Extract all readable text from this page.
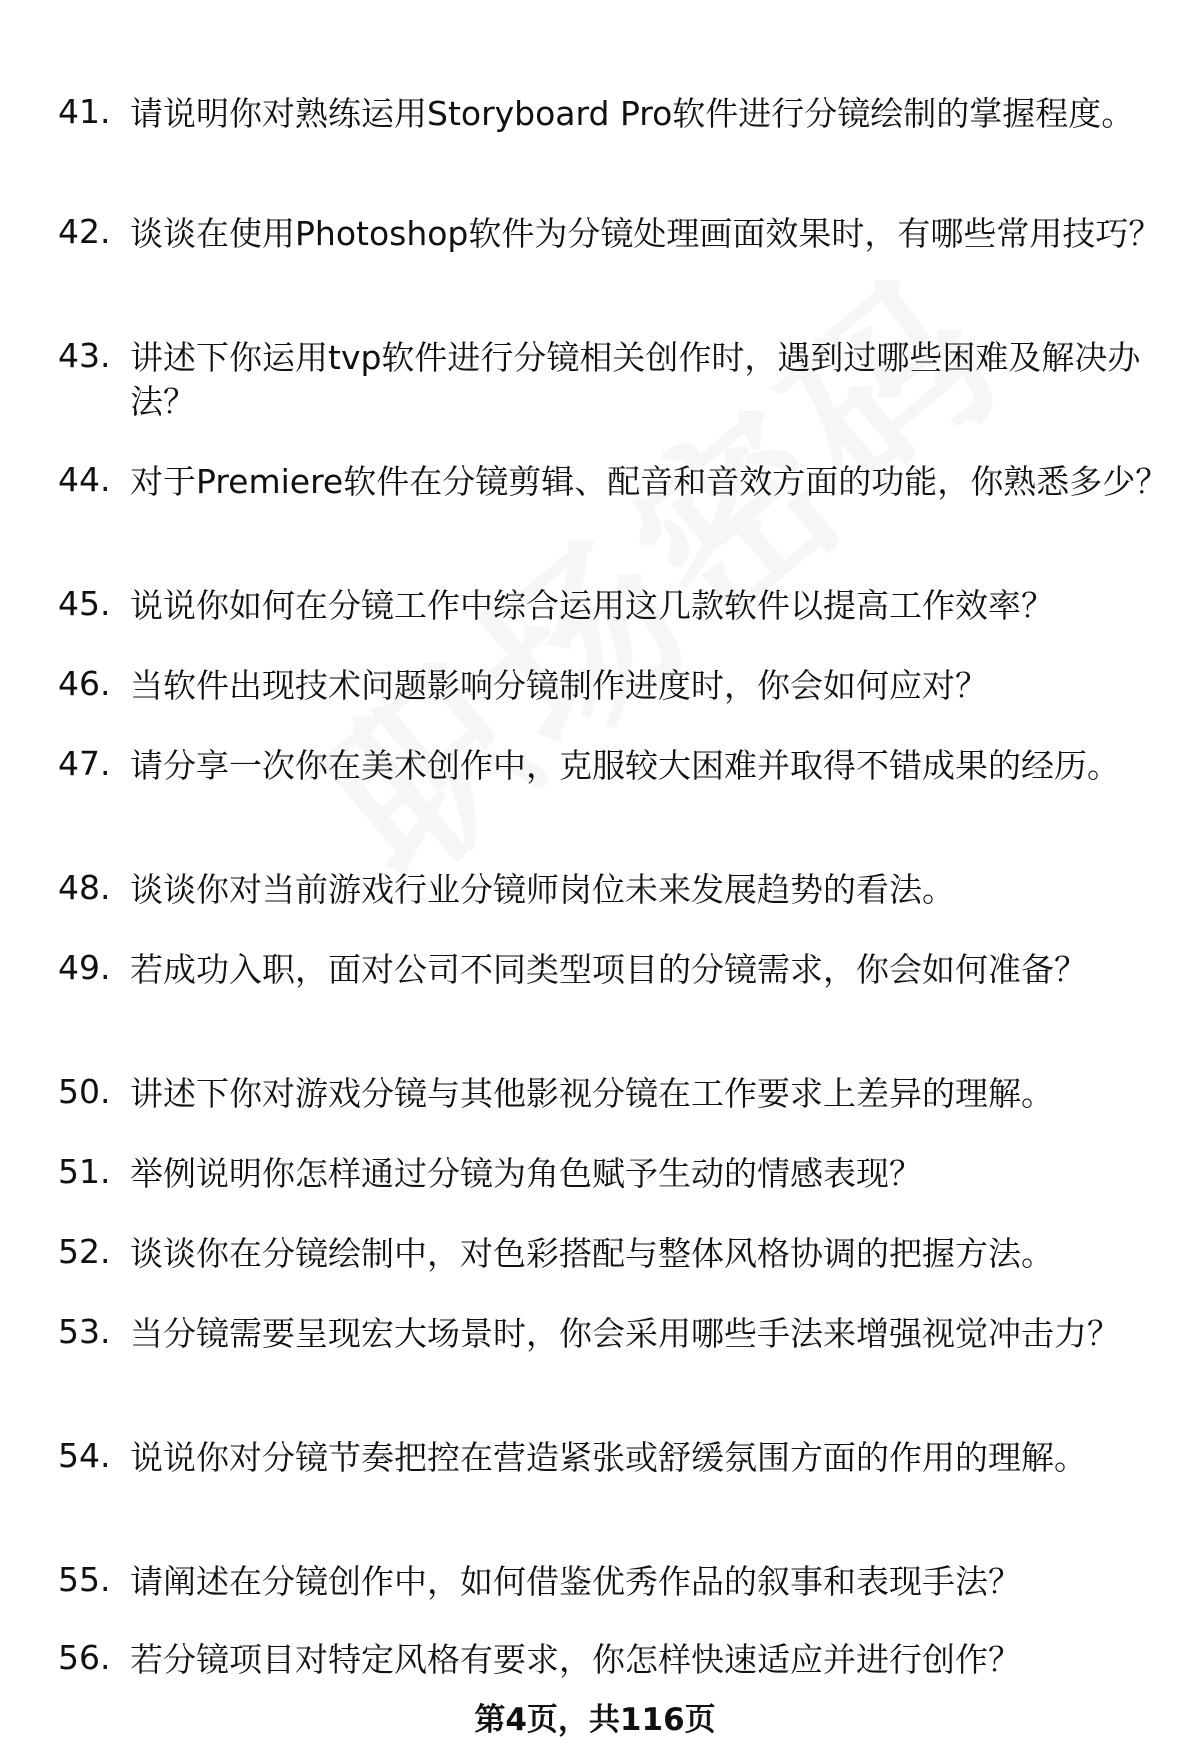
41. 请说明你对熟练运用Storyboard Pro软件进行分镜绘制的掌握程度。
42. 谈谈在使用Photoshop软件为分镜处理画面效果时，有哪些常用技巧？
43. 讲述下你运用tvp软件进行分镜相关创作时，遇到过哪些困难及解决办法？
44. 对于Premiere软件在分镜剪辑、配音和音效方面的功能，你熟悉多少？
45. 说说你如何在分镜工作中综合运用这几款软件以提高工作效率？
46. 当软件出现技术问题影响分镜制作进度时，你会如何应对？
47. 请分享一次你在美术创作中，克服较大困难并取得不错成果的经历。
48. 谈谈你对当前游戏行业分镜师岗位未来发展趋势的看法。
49. 若成功入职，面对公司不同类型项目的分镜需求，你会如何准备？
50. 讲述下你对游戏分镜与其他影视分镜在工作要求上差异的理解。
51. 举例说明你怎样通过分镜为角色赋予生动的情感表现？
52. 谈谈你在分镜绘制中，对色彩搭配与整体风格协调的把握方法。
53. 当分镜需要呈现宏大场景时，你会采用哪些手法来增强视觉冲击力？
54. 说说你对分镜节奏把控在营造紧张或舒缓氛围方面的作用的理解。
55. 请阐述在分镜创作中，如何借鉴优秀作品的叙事和表现手法？
56. 若分镜项目对特定风格有要求，你怎样快速适应并进行创作？
第4页，共116页
